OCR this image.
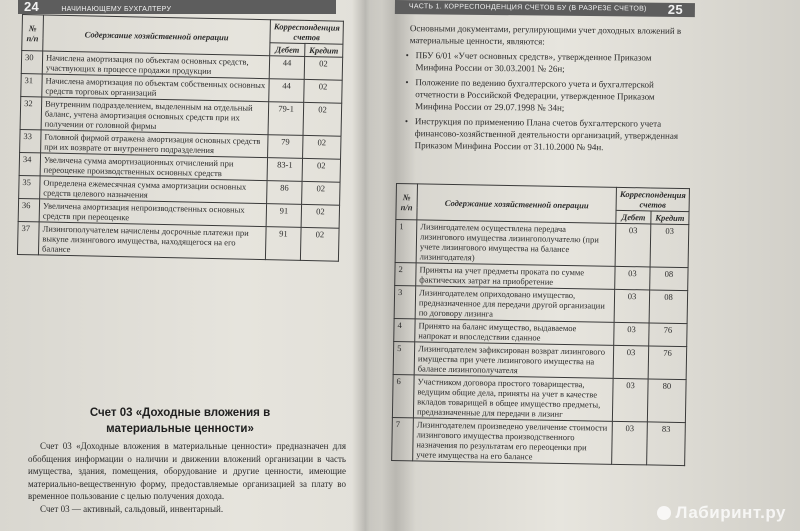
24	НАЧИНАЮЩЕМУ БУХГАЛТЕРУ	ЧАСТЬ 1. КОРРЕСПОНДЕНЦИЯ СЧЕТОВ БУ (В РАЗРЕЗЕ СЧЕТОВ)	25
№ п/п	Содержание хозяйственной операции	Корреспонденция счетов	
		Дебет	Кредит
30	Начислена амортизация по объектам основных средств, участвующих в процессе продажи продукции	44	02
31	Начислена амортизация по объектам собственных основных средств торговых организаций	44	02
32	Внутренним подразделением, выделенным на отдельный баланс, учтена амортизация основных средств при их получении от головной фирмы	79-1	02
33	Головной фирмой отражена амортизация основных средств при их возврате от внутреннего подразделения	79	02
34	Увеличена сумма амортизационных отчислений при переоценке производственных основных средств	83-1	02
35	Определена ежемесячная сумма амортизации основных средств целевого назначения	86	02
36	Увеличена амортизация непроизводственных основных средств при переоценке	91	02
37	Лизингополучателем начислены досрочные платежи при выкупе лизингового имущества, находящегося на его балансе	91	02
Счет 03 «Доходные вложения в материальные ценности»
Счет 03 «Доходные вложения в материальные ценности» предназначен для обобщения информации о наличии и движении вложений организации в часть имущества, здания, помещения, оборудование и другие ценности, имеющие материально-вещественную форму, предоставляемые организацией за плату во временное пользование с целью получения дохода.
Счет 03 — активный, сальдовый, инвентарный.

Основными документами, регулирующими учет доходных вложений в материальные ценности, являются:

• ПБУ 6/01 «Учет основных средств», утвержденное Приказом Минфина России от 30.03.2001 № 26н;
• Положение по ведению бухгалтерского учета и бухгалтерской отчетности в Российской Федерации, утвержденное Приказом Минфина России от 29.07.1998 № 34н;
• Инструкция по применению Плана счетов бухгалтерского учета финансово-хозяйственной деятельности организаций, утвержденная Приказом Минфина России от 31.10.2000 № 94н.
№ п/п	Содержание хозяйственной операции	Корреспонденция счетов	
		Дебет	Кредит
1	Лизингодателем осуществлена передача лизингового имущества лизингополучателю (при учете лизингового имущества на балансе лизингодателя)	03	03
2	Приняты на учет предметы проката по сумме фактических затрат на приобретение	03	08
3	Лизингодателем оприходовано имущество, предназначенное для передачи другой организации по договору лизинга	03	08
4	Принято на баланс имущество, выдаваемое напрокат и впоследствии сданное	03	76
5	Лизингодателем зафиксирован возврат лизингового имущества при учете лизингового имущества на балансе лизингополучателя	03	76
6	Участником договора простого товарищества, ведущим общие дела, приняты на учет в качестве вкладов товарищей в общее имущество предметы, предназначенные для передачи в лизинг	03	80
7	Лизингодателем произведено увеличение стоимости лизингового имущества производственного назначения по результатам его переоценки при учете имущества на его балансе	03	83
Лабиринт.ру
